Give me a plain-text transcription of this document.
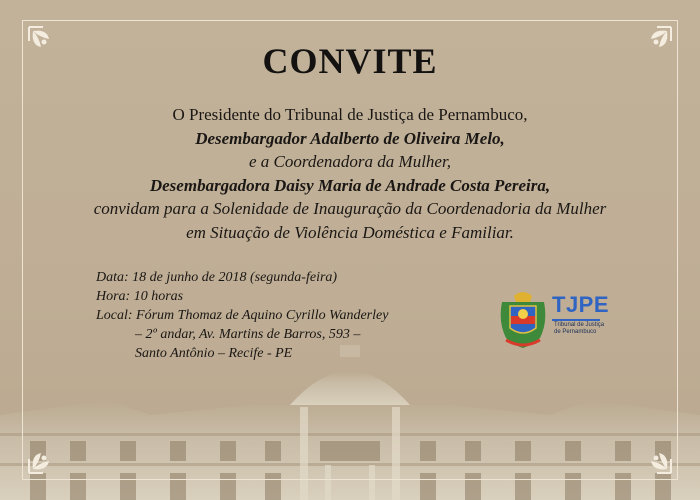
CONVITE
O Presidente do Tribunal de Justiça de Pernambuco,
Desembargador Adalberto de Oliveira Melo,
e a Coordenadora da Mulher,
Desembargadora Daisy Maria de Andrade Costa Pereira,
convidam para a Solenidade de Inauguração da Coordenadoria da Mulher
em Situação de Violência Doméstica e Familiar.
Data: 18 de junho de 2018 (segunda-feira)
Hora: 10 horas
Local: Fórum Thomaz de Aquino Cyrillo Wanderley
– 2º andar, Av. Martins de Barros, 593 –
Santo Antônio – Recife - PE
TJPE
Tribunal de Justiça
de Pernambuco
